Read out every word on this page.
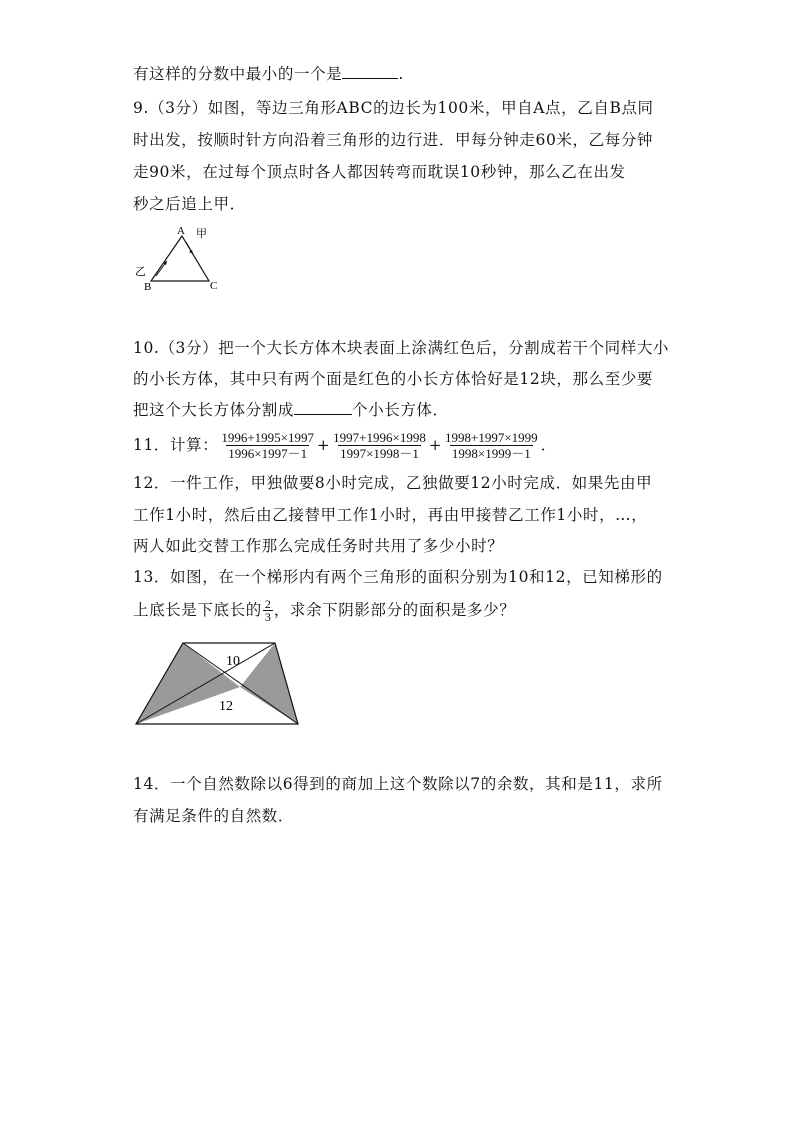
有这样的分数中最小的一个是	.
9.（3分）如图，等边三角形ABC的边长为100米，甲自A点，乙自B点同
时出发，按顺时针方向沿着三角形的边行进．甲每分钟走60米，乙每分钟
走90米，在过每个顶点时各人都因转弯而耽误10秒钟，那么乙在出发
秒之后追上甲．
A 甲
乙
B	C
10.（3分）把一个大长方体木块表面上涂满红色后，分割成若干个同样大小
的小长方体，其中只有两个面是红色的小长方体恰好是12块，那么至少要
把这个大长方体分割成	个小长方体．
11．计算： $\frac{1996+1995\times 1997}{1996\times 1997-1} + \frac{1997+1996\times 1998}{1997\times 1998-1} + \frac{1998+1997\times 1999}{1998\times 1999-1}$ ．
12．一件工作，甲独做要8小时完成，乙独做要12小时完成．如果先由甲
工作1小时，然后由乙接替甲工作1小时，再由甲接替乙工作1小时，…，
两人如此交替工作那么完成任务时共用了多少小时？
13．如图，在一个梯形内有两个三角形的面积分别为10和12，已知梯形的
上底长是下底长的 $\frac{2}{3}$ ，求余下阴影部分的面积是多少？
10
12
14．一个自然数除以6得到的商加上这个数除以7的余数，其和是11，求所
有满足条件的自然数．
